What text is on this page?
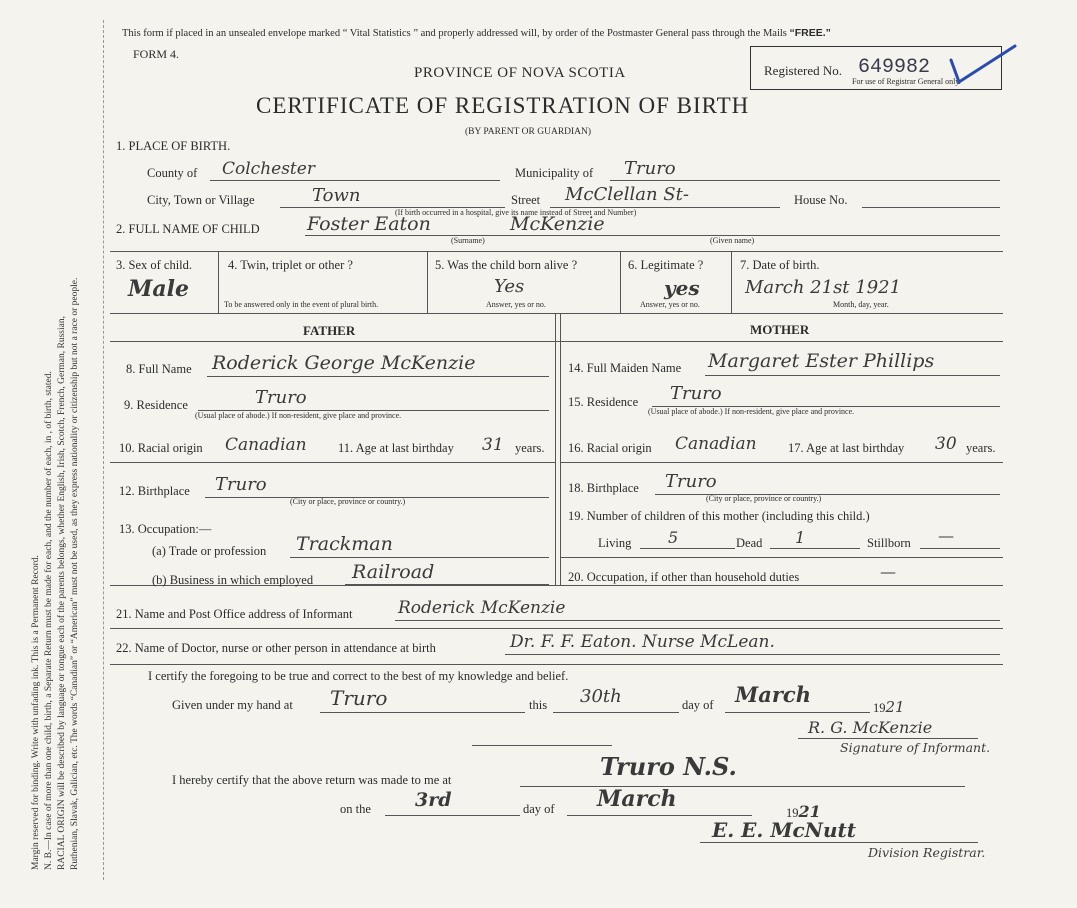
Margin reserved for binding. Write with unfading ink. This is a Permanent Record. N. B.—In case of more than one child, birth, a Separate Return must be made for each, and the number of each, in , of birth, stated. RACIAL ORIGIN will be described by language or tongue each of the parents belongs, whether English, Irish, Scotch, French, German, Russian, Ruthenian, Slavak, Galician, etc. The words “Canadian” or “American” must not be used, as they express nationality or citizenship but not a race or people.
This form if placed in an unsealed envelope marked “ Vital Statistics ” and properly addressed will, by order of the Postmaster General pass through the Mails “FREE.”
FORM 4.
PROVINCE OF NOVA SCOTIA
CERTIFICATE OF REGISTRATION OF BIRTH
(BY PARENT OR GUARDIAN)
Registered No. 649982
For use of Registrar General only.
1. PLACE OF BIRTH.
County of Colchester	Municipality of Truro
City, Town or Village	Town	Street McClellan St-	House No.
(If birth occurred in a hospital, give its name instead of Street and Number)
2. FULL NAME OF CHILD Foster Eaton	McKenzie
(Surname)	(Given name)
3. Sex of child.
Male
4. Twin, triplet or other ?
To be answered only in the event of plural birth.
5. Was the child born alive ?
Yes
Answer, yes or no.
6. Legitimate ?
yes
Answer, yes or no.
7. Date of birth.
March 21st 1921
Month, day, year.
FATHER	MOTHER
8. Full Name Roderick George McKenzie
9. Residence	Truro
(Usual place of abode.) If non-resident, give place and province.
10. Racial origin Canadian	11. Age at last birthday 31 years.
12. Birthplace Truro
(City or place, province or country.)
13. Occupation:—
(a) Trade or profession Trackman
(b) Business in which employed Railroad
14. Full Maiden Name Margaret Ester Phillips
15. Residence Truro
(Usual place of abode.) If non-resident, give place and province.
16. Racial origin Canadian	17. Age at last birthday 30 years.
18. Birthplace Truro
(City or place, province or country.)
19. Number of children of this mother (including this child.)
Living 5	Dead 1	Stillborn —
20. Occupation, if other than household duties	—
21. Name and Post Office address of Informant	Roderick McKenzie
22. Name of Doctor, nurse or other person in attendance at birth	Dr. F. F. Eaton. Nurse McLean.
I certify the foregoing to be true and correct to the best of my knowledge and belief.
Given under my hand at Truro	this 30th	day of March
1921
R. G. McKenzie
Signature of Informant.
I hereby certify that the above return was made to me at	Truro N.S.
on the 3rd	day of March
1921
E. E. McNutt
Division Registrar.
